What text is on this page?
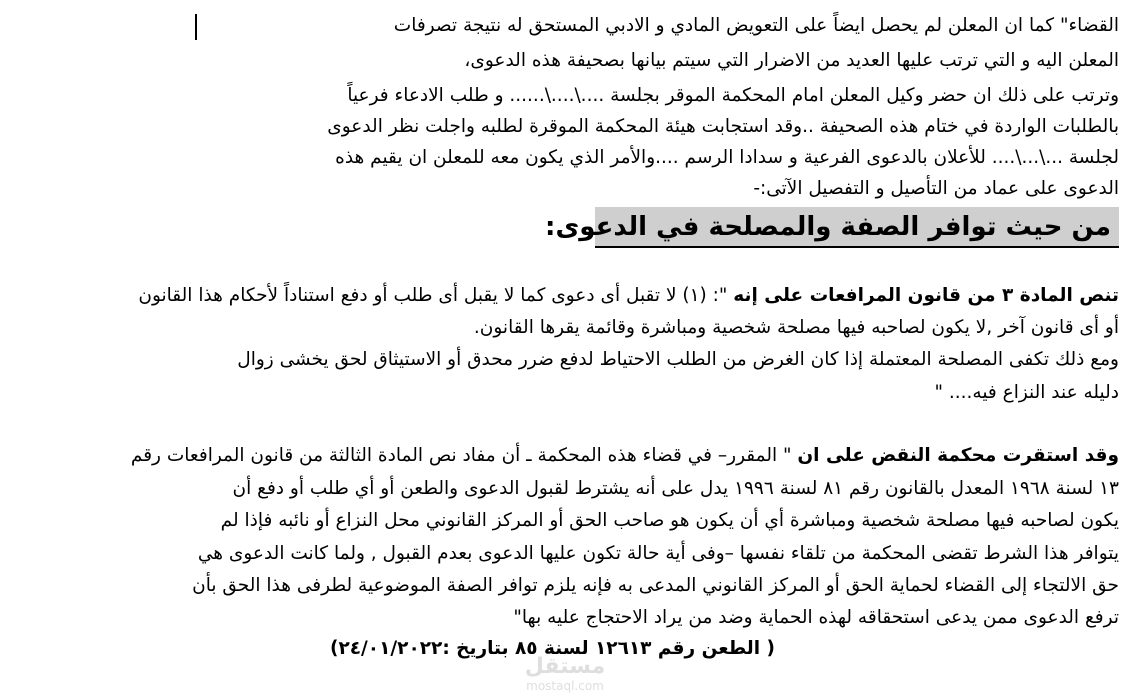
القضاء" كما ان المعلن لم يحصل ايضاً على التعويض المادي و الادبي المستحق له نتيجة تصرفات
المعلن اليه و التي ترتب عليها العديد من الاضرار التي سيتم بيانها بصحيفة هذه الدعوى،
وترتب على ذلك ان حضر وكيل المعلن امام المحكمة الموقر بجلسة ....\....\...... و طلب الادعاء فرعياً
بالطلبات الواردة في ختام هذه الصحيفة ..وقد استجابت هيئة المحكمة الموقرة لطلبه واجلت نظر الدعوى
لجلسة ...\...\.... للأعلان بالدعوى الفرعية و سدادا الرسم ....والأمر الذي يكون معه للمعلن ان يقيم هذه
الدعوى على عماد من التأصيل و التفصيل الآتى:-
من حيث توافر الصفة والمصلحة في الدعوى:
تنص المادة ٣ من قانون المرافعات على إنه ": (١) لا تقبل أى دعوى كما لا يقبل أى طلب أو دفع استناداً لأحكام هذا القانون
أو أى قانون آخر ,لا يكون لصاحبه فيها مصلحة شخصية ومباشرة وقائمة يقرها القانون.
ومع ذلك تكفى المصلحة المعتملة إذا كان الغرض من الطلب الاحتياط لدفع ضرر محدق أو الاستيثاق لحق يخشى زوال
دليله عند النزاع فيه.... "
وقد استقرت محكمة النقض على ان " المقرر– في قضاء هذه المحكمة ـ أن مفاد نص المادة الثالثة من قانون المرافعات رقم
١٣ لسنة ١٩٦٨ المعدل بالقانون رقم ٨١ لسنة ١٩٩٦ يدل على أنه يشترط لقبول الدعوى والطعن أو أي طلب أو دفع أن
يكون لصاحبه فيها مصلحة شخصية ومباشرة أي أن يكون هو صاحب الحق أو المركز القانوني محل النزاع أو نائبه فإذا لم
يتوافر هذا الشرط تقضى المحكمة من تلقاء نفسها –وفى أية حالة تكون عليها الدعوى بعدم القبول , ولما كانت الدعوى هي
حق الالتجاء إلى القضاء لحماية الحق أو المركز القانوني المدعى به فإنه يلزم توافر الصفة الموضوعية لطرفى هذا الحق بأن
ترفع الدعوى ممن يدعى استحقاقه لهذه الحماية وضد من يراد الاحتجاج عليه بها"
( الطعن رقم ١٢٦١٣ لسنة ٨٥ بتاريخ :٢٤/٠١/٢٠٢٢)
مستقل
mostaql.com
